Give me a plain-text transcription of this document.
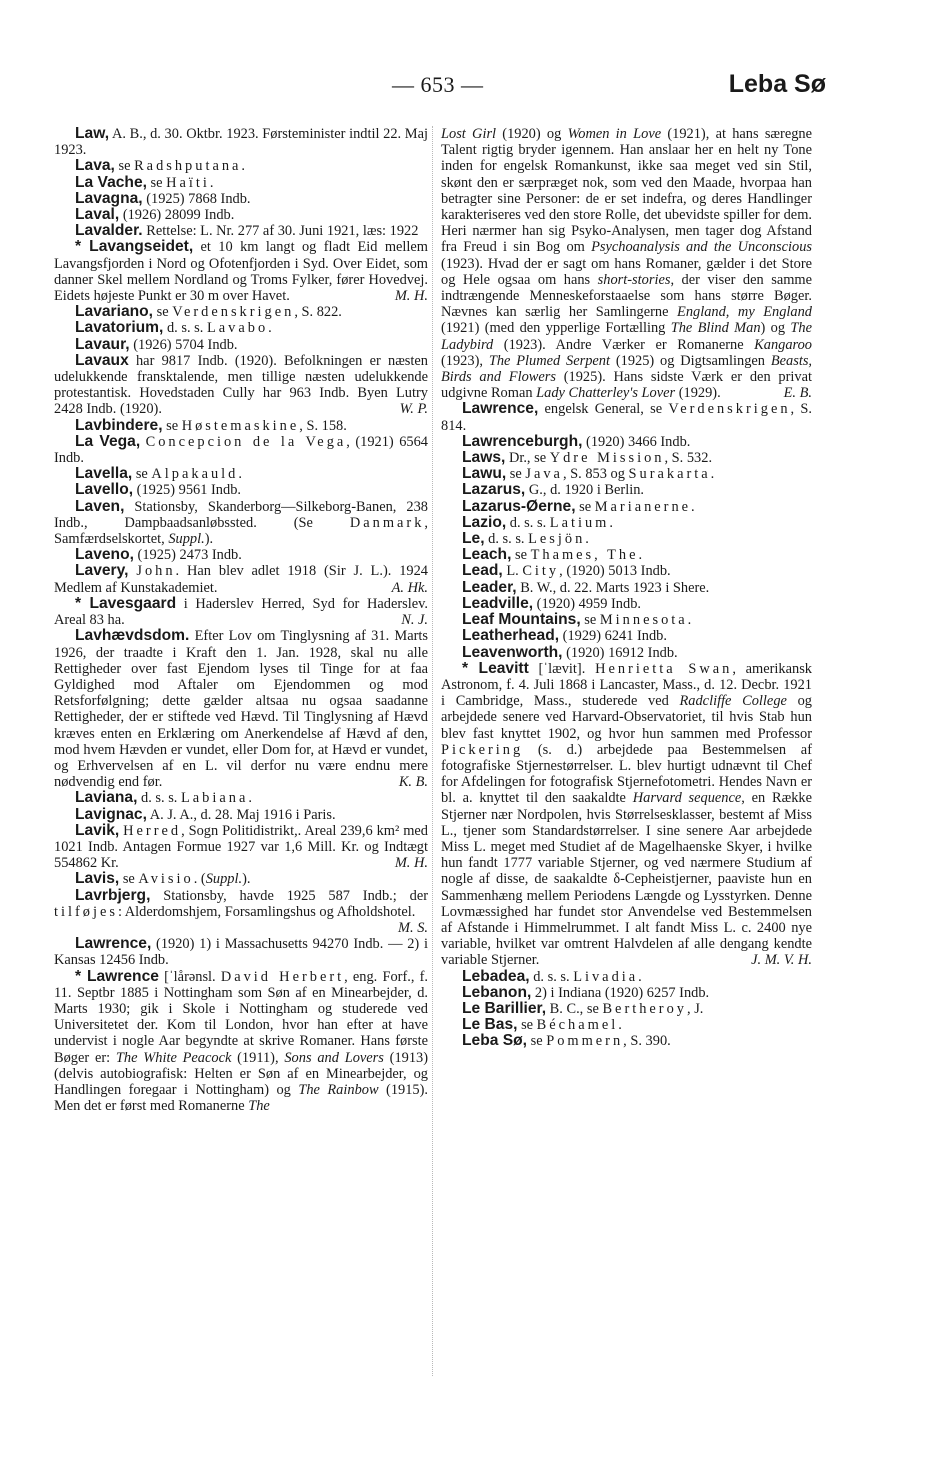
— 653 —	Leba Sø

Law, A. B., d. 30. Oktbr. 1923. Førsteminister indtil 22. Maj 1923.

Lava, se Radshputana.

La Vache, se Haïti.

Lavagna, (1925) 7868 Indb.

Laval, (1926) 28099 Indb.

Lavalder. Rettelse: L. Nr. 277 af 30. Juni 1921, læs: 1922

* Lavangseidet, et 10 km langt og fladt Eid mellem Lavangsfjorden i Nord og Ofotenfjorden i Syd. Over Eidet, som danner Skel mellem Nordland og Troms Fylker, fører Hovedvej. Eidets højeste Punkt er 30 m over Havet.	M. H.

Lavariano, se Verdenskrigen, S. 822.

Lavatorium, d. s. s. Lavabo.

Lavaur, (1926) 5704 Indb.

Lavaux har 9817 Indb. (1920). Befolkningen er næsten udelukkende fransktalende, men tillige næsten udelukkende protestantisk. Hovedstaden Cully har 963 Indb. Byen Lutry 2428 Indb. (1920).	W. P.

Lavbindere, se Høstemaskine, S. 158.

La Vega, Concepcion de la Vega, (1921) 6564 Indb.

Lavella, se Alpakauld.

Lavello, (1925) 9561 Indb.

Laven, Stationsby, Skanderborg—Silkeborg-Banen, 238 Indb., Dampbaadsanløbssted. (Se Danmark, Samfærdselskortet, Suppl.).

Laveno, (1925) 2473 Indb.

Lavery, John. Han blev adlet 1918 (Sir J. L.). 1924 Medlem af Kunstakademiet.	A. Hk.

* Lavesgaard i Haderslev Herred, Syd for Haderslev. Areal 83 ha.	N. J.

Lavhævdsdom. Efter Lov om Tinglysning af 31. Marts 1926, der traadte i Kraft den 1. Jan. 1928, skal nu alle Rettigheder over fast Ejendom lyses til Tinge for at faa Gyldighed mod Aftaler om Ejendommen og mod Retsforfølgning; dette gælder altsaa nu ogsaa saadanne Rettigheder, der er stiftede ved Hævd. Til Tinglysning af Hævd kræves enten en Erklæring om Anerkendelse af Hævd af den, mod hvem Hævden er vundet, eller Dom for, at Hævd er vundet, og Erhvervelsen af en L. vil derfor nu være endnu mere nødvendig end før.	K. B.

Laviana, d. s. s. Labiana.

Lavignac, A. J. A., d. 28. Maj 1916 i Paris.

Lavik, Herred, Sogn Politidistrikt,. Areal 239,6 km² med 1021 Indb. Antagen Formue 1927 var 1,6 Mill. Kr. og Indtægt 554862 Kr.	M. H.

Lavis, se Avisio. (Suppl.).

Lavrbjerg, Stationsby, havde 1925 587 Indb.; der tilføjes: Alderdomshjem, Forsamlingshus og Afholdshotel.
M. S.

Lawrence, (1920) 1) i Massachusetts 94270 Indb. — 2) i Kansas 12456 Indb.

* Lawrence [ˈlårənsl. David Herbert, eng. Forf., f. 11. Septbr 1885 i Nottingham som Søn af en Minearbejder, d. Marts 1930; gik i Skole i Nottingham og studerede ved Universitetet der. Kom til London, hvor han efter at have undervist i nogle Aar begyndte at skrive Romaner. Hans første Bøger er: The White Peacock (1911), Sons and Lovers (1913) (delvis autobiografisk: Helten er Søn af en Minearbejder, og Handlingen foregaar i Nottingham) og The Rainbow (1915). Men det er først med Romanerne The

Lost Girl (1920) og Women in Love (1921), at hans særegne Talent rigtig bryder igennem. Han anslaar her en helt ny Tone inden for engelsk Romankunst, ikke saa meget ved sin Stil, skønt den er særpræget nok, som ved den Maade, hvorpaa han betragter sine Personer: de er set indefra, og deres Handlinger karakteriseres ved den store Rolle, det ubevidste spiller for dem. Heri nærmer han sig Psyko-Analysen, men tager dog Afstand fra Freud i sin Bog om Psychoanalysis and the Unconscious (1923). Hvad der er sagt om hans Romaner, gælder i det Store og Hele ogsaa om hans short-stories, der viser den samme indtrængende Menneskeforstaaelse som hans større Bøger. Nævnes kan særlig her Samlingerne England, my England (1921) (med den ypperlige Fortælling The Blind Man) og The Ladybird (1923). Andre Værker er Romanerne Kangaroo (1923), The Plumed Serpent (1925) og Digtsamlingen Beasts, Birds and Flowers (1925). Hans sidste Værk er den privat udgivne Roman Lady Chatterley's Lover (1929).	E. B.

Lawrence, engelsk General, se Verdenskrigen, S. 814.

Lawrenceburgh, (1920) 3466 Indb.

Laws, Dr., se Ydre Mission, S. 532.

Lawu, se Java, S. 853 og Surakarta.

Lazarus, G., d. 1920 i Berlin.

Lazarus-Øerne, se Marianerne.

Lazio, d. s. s. Latium.

Le, d. s. s. Lesjön.

Leach, se Thames, The.

Lead, L. City, (1920) 5013 Indb.

Leader, B. W., d. 22. Marts 1923 i Shere.

Leadville, (1920) 4959 Indb.

Leaf Mountains, se Minnesota.

Leatherhead, (1929) 6241 Indb.

Leavenworth, (1920) 16912 Indb.

* Leavitt [ˈlævit]. Henrietta Swan, amerikansk Astronom, f. 4. Juli 1868 i Lancaster, Mass., d. 12. Decbr. 1921 i Cambridge, Mass., studerede ved Radcliffe College og arbejdede senere ved Harvard-Observatoriet, til hvis Stab hun blev fast knyttet 1902, og hvor hun sammen med Professor Pickering (s. d.) arbejdede paa Bestemmelsen af fotografiske Stjernestørrelser. L. blev hurtigt udnævnt til Chef for Afdelingen for fotografisk Stjernefotometri. Hendes Navn er bl. a. knyttet til den saakaldte Harvard sequence, en Række Stjerner nær Nordpolen, hvis Størrelsesklasser, bestemt af Miss L., tjener som Standardstørrelser. I sine senere Aar arbejdede Miss L. meget med Studiet af de Magelhaenske Skyer, i hvilke hun fandt 1777 variable Stjerner, og ved nærmere Studium af nogle af disse, de saakaldte δ-Cepheistjerner, paaviste hun en Sammenhæng mellem Periodens Længde og Lysstyrken. Denne Lovmæssighed har fundet stor Anvendelse ved Bestemmelsen af Afstande i Himmelrummet. I alt fandt Miss L. c. 2400 nye variable, hvilket var omtrent Halvdelen af alle dengang kendte variable Stjerner.	J. M. V. H.

Lebadea, d. s. s. Livadia.

Lebanon, 2) i Indiana (1920) 6257 Indb.

Le Barillier, B. C., se Bertheroy, J.

Le Bas, se Béchamel.

Leba Sø, se Pommern, S. 390.
